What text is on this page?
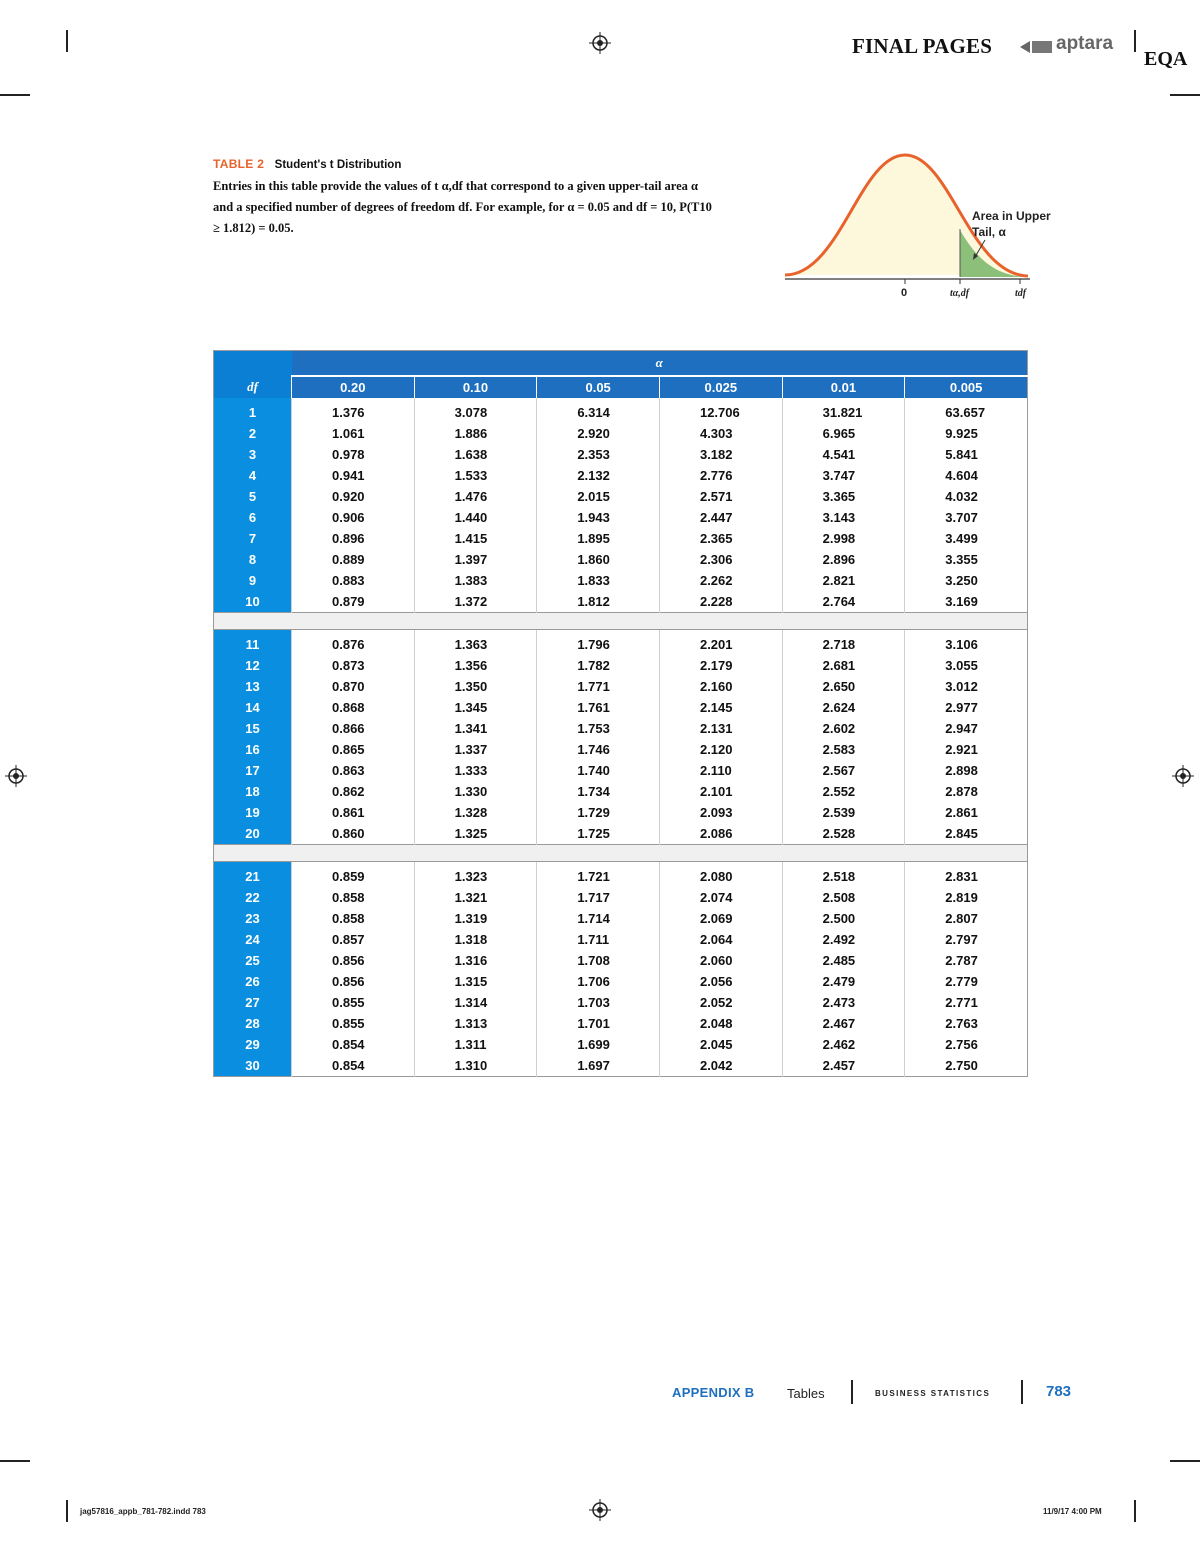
FINAL PAGES	aptara
EQA
TABLE 2 Student's t Distribution
Entries in this table provide the values of t α,df that correspond to a given upper-tail area α and a specified number of degrees of freedom df. For example, for α = 0.05 and df = 10, P(T10 ≥ 1.812) = 0.05.
Area in Upper
Tail, α
0	tα,df	tdf
	α					
df	0.20	0.10	0.05	0.025	0.01	0.005
1	1.376	3.078	6.314	12.706	31.821	63.657
2	1.061	1.886	2.920	4.303	6.965	9.925
3	0.978	1.638	2.353	3.182	4.541	5.841
4	0.941	1.533	2.132	2.776	3.747	4.604
5	0.920	1.476	2.015	2.571	3.365	4.032
6	0.906	1.440	1.943	2.447	3.143	3.707
7	0.896	1.415	1.895	2.365	2.998	3.499
8	0.889	1.397	1.860	2.306	2.896	3.355
9	0.883	1.383	1.833	2.262	2.821	3.250
10	0.879	1.372	1.812	2.228	2.764	3.169

11	0.876	1.363	1.796	2.201	2.718	3.106
12	0.873	1.356	1.782	2.179	2.681	3.055
13	0.870	1.350	1.771	2.160	2.650	3.012
14	0.868	1.345	1.761	2.145	2.624	2.977
15	0.866	1.341	1.753	2.131	2.602	2.947
16	0.865	1.337	1.746	2.120	2.583	2.921
17	0.863	1.333	1.740	2.110	2.567	2.898
18	0.862	1.330	1.734	2.101	2.552	2.878
19	0.861	1.328	1.729	2.093	2.539	2.861
20	0.860	1.325	1.725	2.086	2.528	2.845

21	0.859	1.323	1.721	2.080	2.518	2.831
22	0.858	1.321	1.717	2.074	2.508	2.819
23	0.858	1.319	1.714	2.069	2.500	2.807
24	0.857	1.318	1.711	2.064	2.492	2.797
25	0.856	1.316	1.708	2.060	2.485	2.787
26	0.856	1.315	1.706	2.056	2.479	2.779
27	0.855	1.314	1.703	2.052	2.473	2.771
28	0.855	1.313	1.701	2.048	2.467	2.763
29	0.854	1.311	1.699	2.045	2.462	2.756
30	0.854	1.310	1.697	2.042	2.457	2.750
APPENDIX B	Tables	BUSINESS STATISTICS	783
jag57816_appb_781-782.indd 783	11/9/17 4:00 PM
